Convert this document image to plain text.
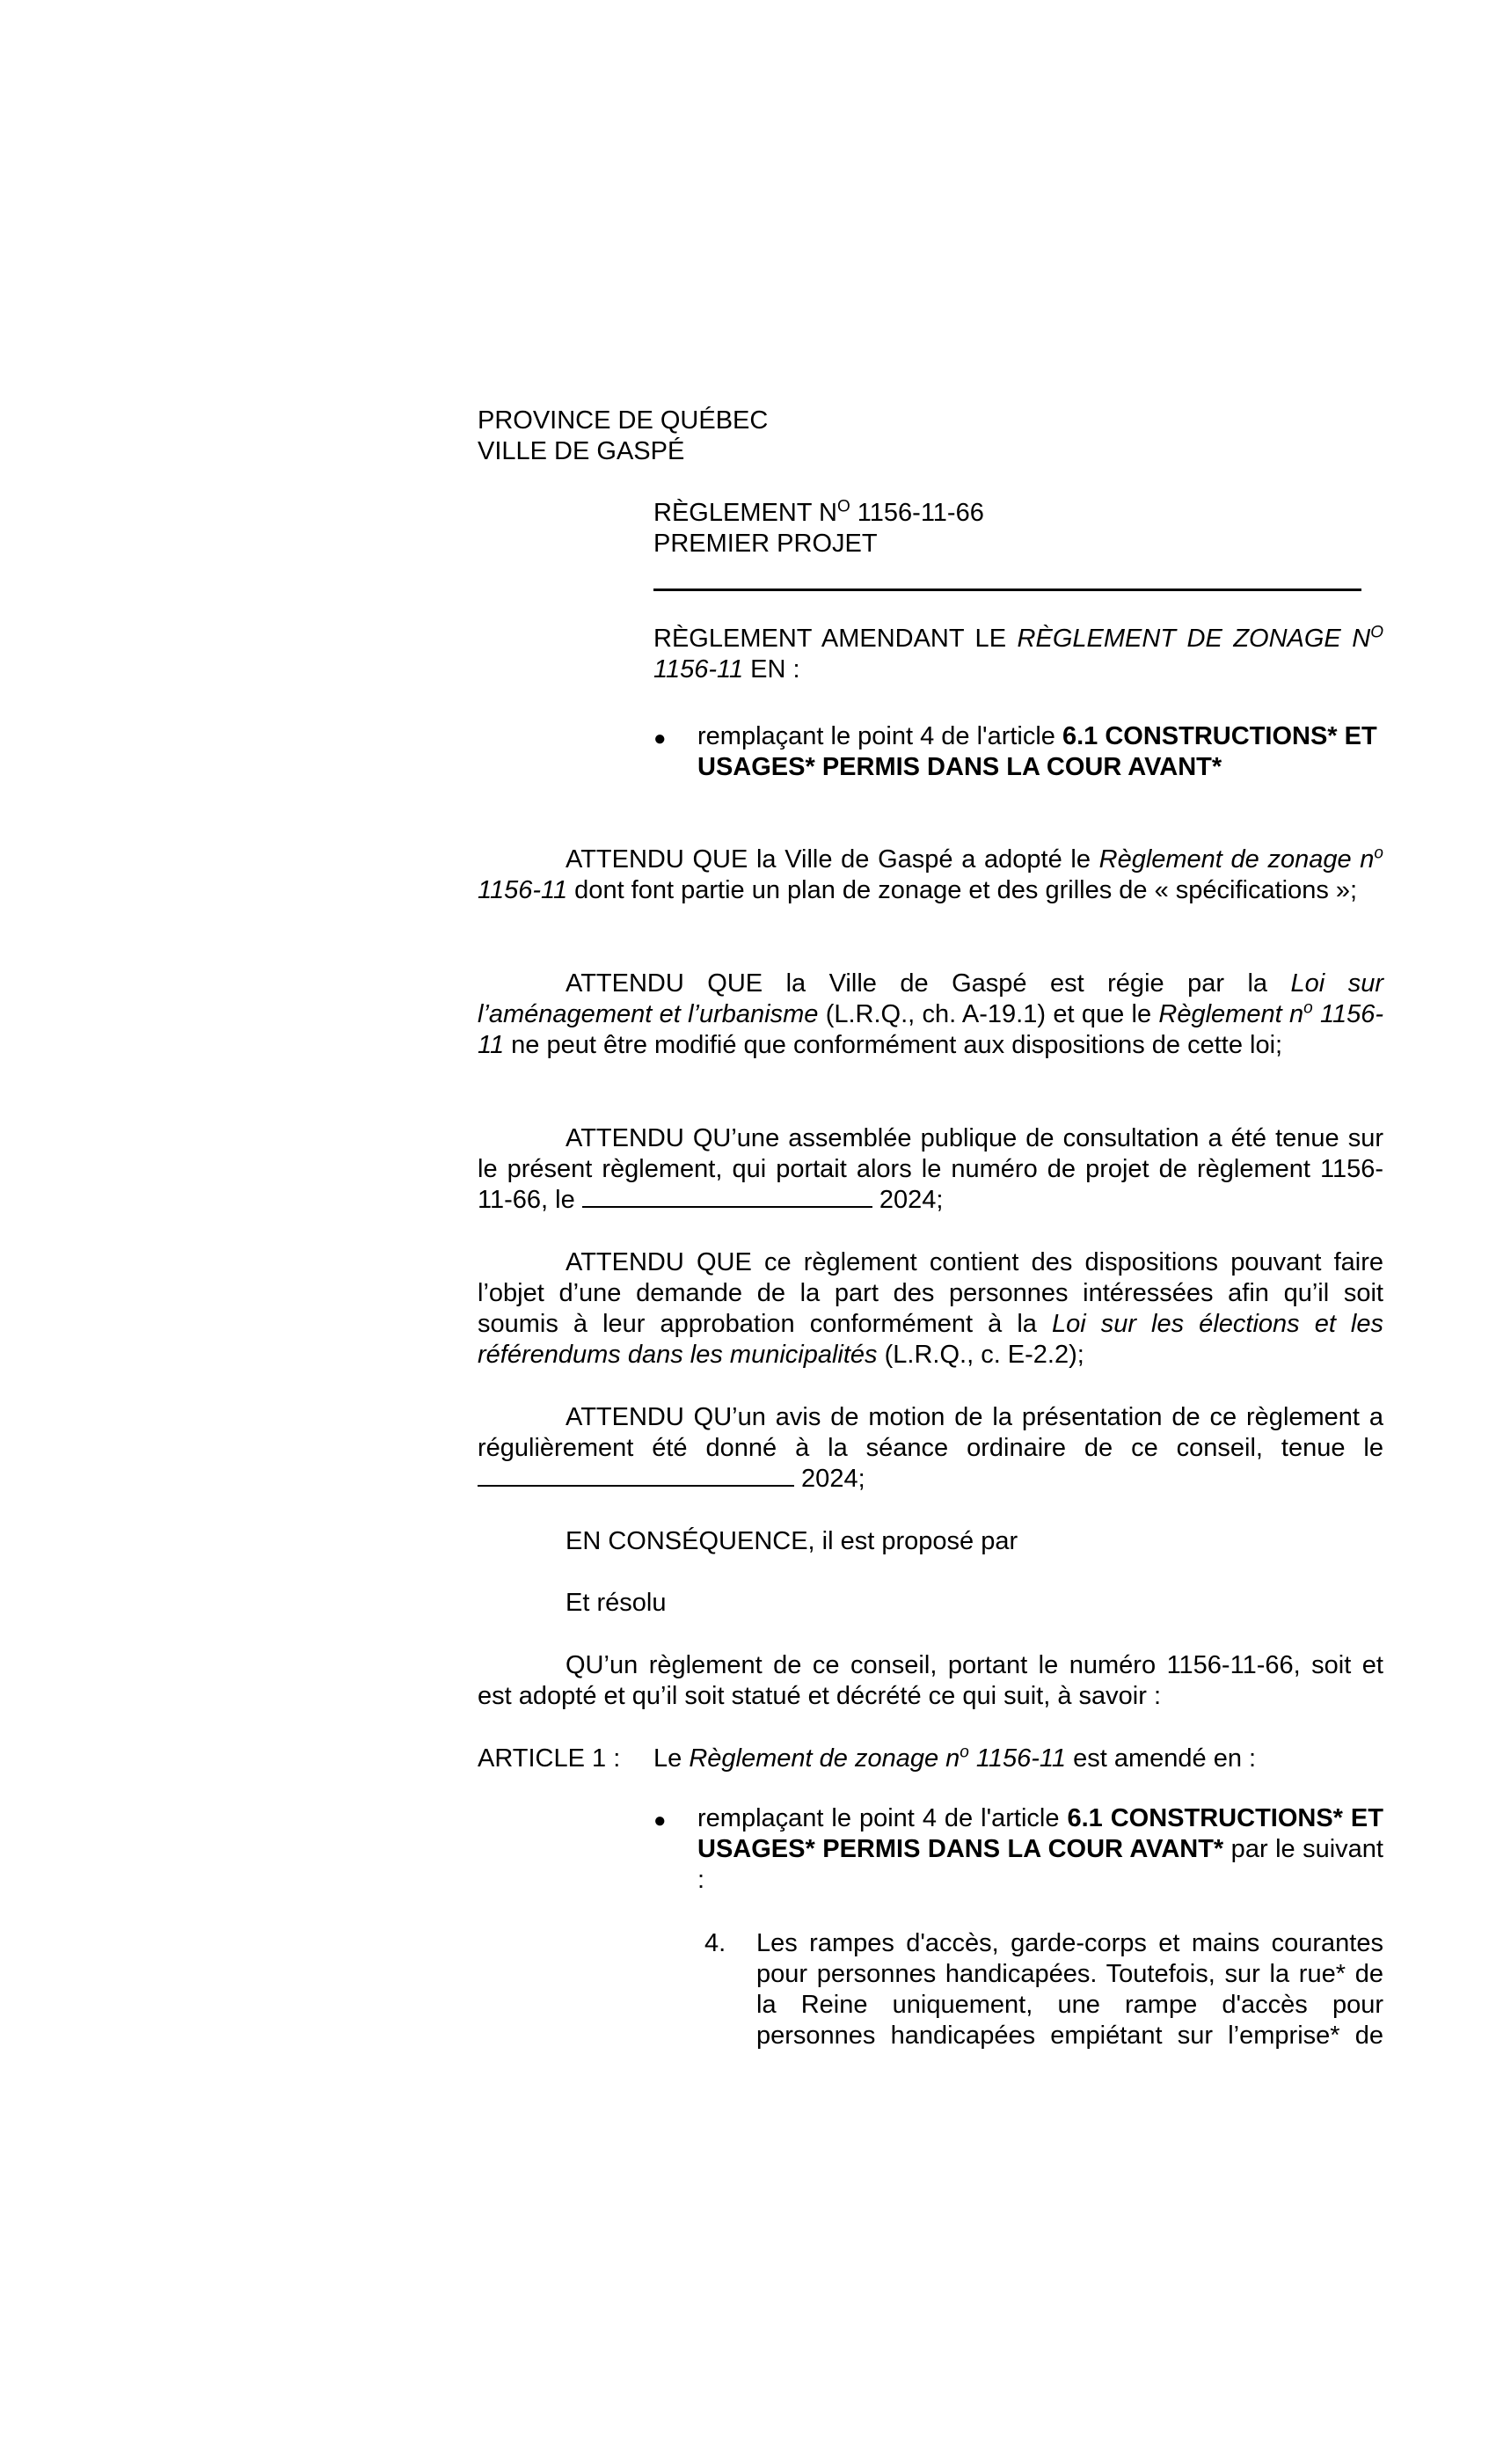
PROVINCE DE QUÉBEC
VILLE DE GASPÉ
RÈGLEMENT $N^O$ 1156-11-66
PREMIER PROJET
RÈGLEMENT AMENDANT LE RÈGLEMENT DE ZONAGE $N^O$ 1156-11 EN :
● remplaçant le point 4 de l'article 6.1 CONSTRUCTIONS* ET USAGES* PERMIS DANS LA COUR AVANT*
ATTENDU QUE la Ville de Gaspé a adopté le Règlement de zonage $n^o$ 1156-11 dont font partie un plan de zonage et des grilles de « spécifications »;
ATTENDU QUE la Ville de Gaspé est régie par la Loi sur l’aménagement et l’urbanisme (L.R.Q., ch. A-19.1) et que le Règlement $n^o$ 1156-11 ne peut être modifié que conformément aux dispositions de cette loi;
ATTENDU QU’une assemblée publique de consultation a été tenue sur le présent règlement, qui portait alors le numéro de projet de règlement 1156-11-66, le	2024;
ATTENDU QUE ce règlement contient des dispositions pouvant faire l’objet d’une demande de la part des personnes intéressées afin qu’il soit soumis à leur approbation conformément à la Loi sur les élections et les référendums dans les municipalités (L.R.Q., c. E-2.2);
ATTENDU QU’un avis de motion de la présentation de ce règlement a régulièrement été donné à la séance ordinaire de ce conseil, tenue le  2024;
EN CONSÉQUENCE, il est proposé par
Et résolu
QU’un règlement de ce conseil, portant le numéro 1156-11-66, soit et est adopté et qu’il soit statué et décrété ce qui suit, à savoir :
ARTICLE 1 : Le Règlement de zonage $n^o$ 1156-11 est amendé en :
● remplaçant le point 4 de l'article 6.1 CONSTRUCTIONS* ET USAGES* PERMIS DANS LA COUR AVANT* par le suivant :
4. Les rampes d'accès, garde-corps et mains courantes pour personnes handicapées. Toutefois, sur la rue* de la Reine uniquement, une rampe d'accès pour personnes handicapées empiétant sur l’emprise* de
